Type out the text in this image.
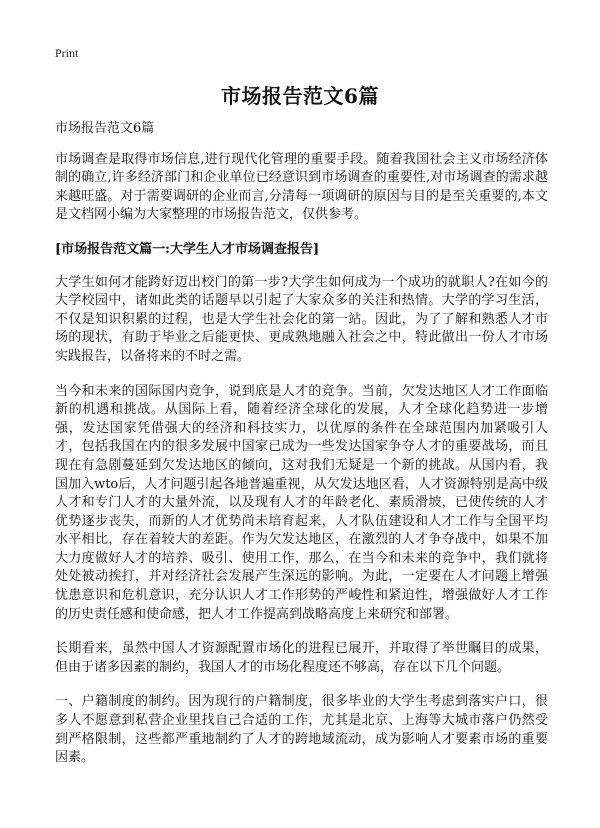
Print
市场报告范文6篇

市场报告范文6篇

市场调查是取得市场信息,进行现代化管理的重要手段。随着我国社会主义市场经济体制的确立,许多经济部门和企业单位已经意识到市场调查的重要性,对市场调查的需求越来越旺盛。对于需要调研的企业而言,分清每一项调研的原因与目的是至关重要的,本文是文档网小编为大家整理的市场报告范文，仅供参考。

[市场报告范文篇一:大学生人才市场调查报告]

大学生如何才能跨好迈出校门的第一步?大学生如何成为一个成功的就职人?在如今的大学校园中，诸如此类的话题早以引起了大家众多的关注和热情。大学的学习生活，不仅是知识积累的过程，也是大学生社会化的第一站。因此，为了了解和熟悉人才市场的现状，有助于毕业之后能更快、更成熟地融入社会之中，特此做出一份人才市场实践报告，以备将来的不时之需。

当今和未来的国际国内竞争，说到底是人才的竞争。当前，欠发达地区人才工作面临新的机遇和挑战。从国际上看，随着经济全球化的发展，人才全球化趋势进一步增强，发达国家凭借强大的经济和科技实力，以优厚的条件在全球范围内加紧吸引人才，包括我国在内的很多发展中国家已成为一些发达国家争夺人才的重要战场，而且现在有急剧蔓延到欠发达地区的倾向，这对我们无疑是一个新的挑战。从国内看，我国加入wto后，人才问题引起各地普遍重视，从欠发达地区看，人才资源特别是高中级人才和专门人才的大量外流，以及现有人才的年龄老化、素质滑坡，已使传统的人才优势逐步丧失，而新的人才优势尚未培育起来，人才队伍建设和人才工作与全国平均水平相比，存在着较大的差距。作为欠发达地区，在激烈的人才争夺战中，如果不加大力度做好人才的培养、吸引、使用工作，那么，在当今和未来的竞争中，我们就将处处被动挨打，并对经济社会发展产生深远的影响。为此，一定要在人才问题上增强忧患意识和危机意识，充分认识人才工作形势的严峻性和紧迫性，增强做好人才工作的历史责任感和使命感，把人才工作提高到战略高度上来研究和部署。

长期看来，虽然中国人才资源配置市场化的进程已展开，并取得了举世瞩目的成果，但由于诸多因素的制约，我国人才的市场化程度还不够高，存在以下几个问题。

一、户籍制度的制约。因为现行的户籍制度，很多毕业的大学生考虑到落实户口，很多人不愿意到私营企业里找自己合适的工作，尤其是北京、上海等大城市落户仍然受到严格限制，这些都严重地制约了人才的跨地域流动，成为影响人才要素市场的重要因素。
